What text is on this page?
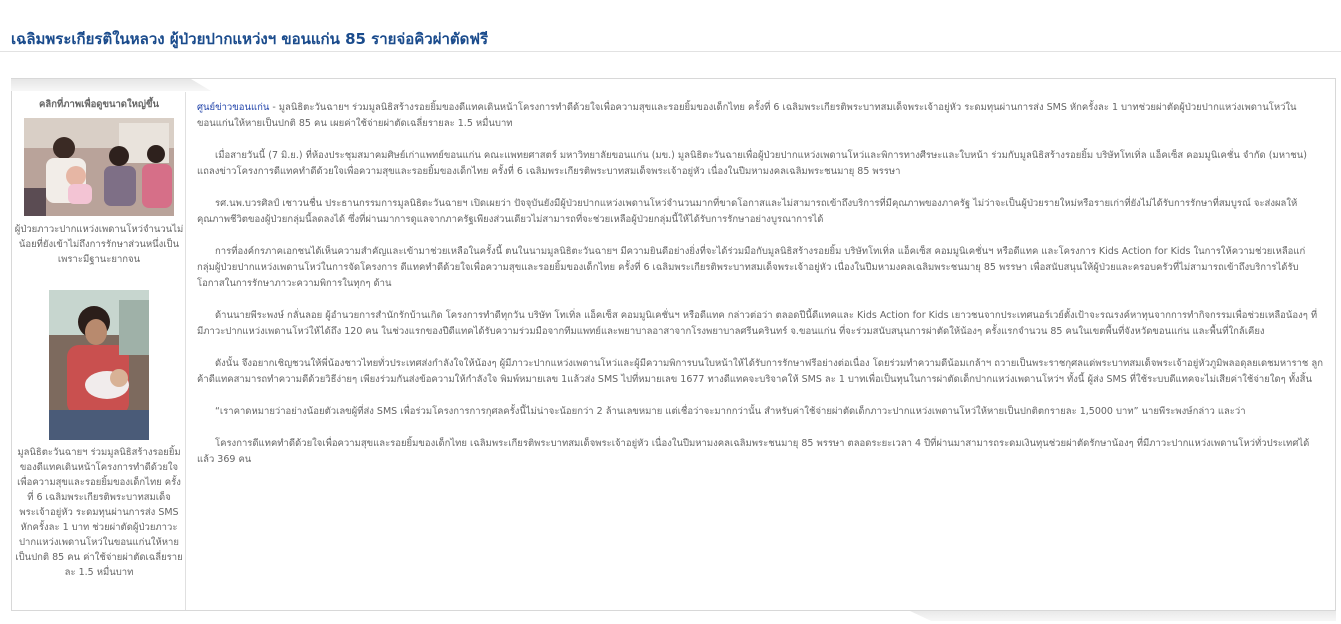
เฉลิมพระเกียรติในหลวง ผู้ป่วยปากแหว่งฯ ขอนแก่น 85 รายจ่อคิวผ่าตัดฟรี
คลิกที่ภาพเพื่อดูขนาดใหญ่ขึ้น
ผู้ป่วยภาวะปากแหว่งเพดานโหว่จำนวนไม่น้อยที่ยังเข้าไม่ถึงการรักษาส่วนหนึ่งเป็นเพราะมีฐานะยากจน
มูลนิธิตะวันฉายฯ ร่วมมูลนิธิสร้างรอยยิ้มของดีแทคเดินหน้าโครงการทำดีด้วยใจเพื่อความสุขและรอยยิ้มของเด็กไทย ครั้งที่ 6 เฉลิมพระเกียรติพระบาทสมเด็จพระเจ้าอยู่หัว ระดมทุนผ่านการส่ง SMS หักครั้งละ 1 บาท ช่วยผ่าตัดผู้ป่วยภาวะปากแหว่งเพดานโหว่ในขอนแก่นให้หายเป็นปกติ 85 คน ค่าใช้จ่ายผ่าตัดเฉลี่ยรายละ 1.5 หมื่นบาท

ศูนย์ข่าวขอนแก่น - มูลนิธิตะวันฉายฯ ร่วมมูลนิธิสร้างรอยยิ้มของดีแทคเดินหน้าโครงการทำดีด้วยใจเพื่อความสุขและรอยยิ้มของเด็กไทย ครั้งที่ 6 เฉลิมพระเกียรติพระบาทสมเด็จพระเจ้าอยู่หัว ระดมทุนผ่านการส่ง SMS หักครั้งละ 1 บาทช่วยผ่าตัดผู้ป่วยปากแหว่งเพดานโหว่ในขอนแก่นให้หายเป็นปกติ 85 คน เผยค่าใช้จ่ายผ่าตัดเฉลี่ยรายละ 1.5 หมื่นบาท

เมื่อสายวันนี้ (7 มิ.ย.) ที่ห้องประชุมสมาคมศิษย์เก่าแพทย์ขอนแก่น คณะแพทยศาสตร์ มหาวิทยาลัยขอนแก่น (มข.) มูลนิธิตะวันฉายเพื่อผู้ป่วยปากแหว่งเพดานโหว่และพิการทางศีรษะและใบหน้า ร่วมกับมูลนิธิสร้างรอยยิ้ม บริษัทโทเทิ่ล แอ็คเซ็ส คอมมูนิเคชั่น จำกัด (มหาชน) แถลงข่าวโครงการดีแทคทำดีด้วยใจเพื่อความสุขและรอยยิ้มของเด็กไทย ครั้งที่ 6 เฉลิมพระเกียรติพระบาทสมเด็จพระเจ้าอยู่หัว เนื่องในปีมหามงคลเฉลิมพระชนมายุ 85 พรรษา

รศ.นพ.บวรศิลป์ เชาวนชื่น ประธานกรรมการมูลนิธิตะวันฉายฯ เปิดเผยว่า ปัจจุบันยังมีผู้ป่วยปากแหว่งเพดานโหว่จำนวนมากที่ขาดโอกาสและไม่สามารถเข้าถึงบริการที่มีคุณภาพของภาครัฐ ไม่ว่าจะเป็นผู้ป่วยรายใหม่หรือรายเก่าที่ยังไม่ได้รับการรักษาที่สมบูรณ์ จะส่งผลให้คุณภาพชีวิตของผู้ป่วยกลุ่มนี้ลดลงได้ ซึ่งที่ผ่านมาการดูแลจากภาครัฐเพียงส่วนเดียวไม่สามารถที่จะช่วยเหลือผู้ป่วยกลุ่มนี้ให้ได้รับการรักษาอย่างบูรณาการได้

การที่องค์กรภาคเอกชนได้เห็นความสำคัญและเข้ามาช่วยเหลือในครั้งนี้ ตนในนามมูลนิธิตะวันฉายฯ มีความยินดีอย่างยิ่งที่จะได้ร่วมมือกับมูลนิธิสร้างรอยยิ้ม บริษัทโทเทิ่ล แอ็คเซ็ส คอมมูนิเคชั่นฯ หรือดีแทค และโครงการ Kids Action for Kids ในการให้ความช่วยเหลือแก่กลุ่มผู้ป่วยปากแหว่งเพดานโหว่ในการจัดโครงการ ดีแทคทำดีด้วยใจเพื่อความสุขและรอยยิ้มของเด็กไทย ครั้งที่ 6 เฉลิมพระเกียรติพระบาทสมเด็จพระเจ้าอยู่หัว เนื่องในปีมหามงคลเฉลิมพระชนมายุ 85 พรรษา เพื่อสนับสนุนให้ผู้ป่วยและครอบครัวที่ไม่สามารถเข้าถึงบริการได้รับโอกาสในการรักษาภาวะความพิการในทุกๆ ด้าน

ด้านนายพีระพงษ์ กลั่นลอย ผู้อำนวยการสำนักรักบ้านเกิด โครงการทำดีทุกวัน บริษัท โทเทิ่ล แอ็คเซ็ส คอมมูนิเคชั่นฯ หรือดีแทค กล่าวต่อว่า ตลอดปีนี้ดีแทคและ Kids Action for Kids เยาวชนจากประเทศนอร์เวย์ตั้งเป้าจะรณรงค์หาทุนจากการทำกิจกรรมเพื่อช่วยเหลือน้องๆ ที่มีภาวะปากแหว่งเพดานโหว่ให้ได้ถึง 120 คน ในช่วงแรกของปีดีแทคได้รับความร่วมมือจากทีมแพทย์และพยาบาลอาสาจากโรงพยาบาลศรีนครินทร์ จ.ขอนแก่น ที่จะร่วมสนับสนุนการผ่าตัดให้น้องๆ ครั้งแรกจำนวน 85 คนในเขตพื้นที่จังหวัดขอนแก่น และพื้นที่ใกล้เคียง

ดังนั้น จึงอยากเชิญชวนให้พี่น้องชาวไทยทั่วประเทศส่งกำลังใจให้น้องๆ ผู้มีภาวะปากแหว่งเพดานโหว่และผู้มีความพิการบนใบหน้าให้ได้รับการรักษาฟรีอย่างต่อเนื่อง โดยร่วมทำความดีน้อมเกล้าฯ ถวายเป็นพระราชกุศลแด่พระบาทสมเด็จพระเจ้าอยู่หัวภูมิพลอดุลยเดชมหาราช ลูกค้าดีแทคสามารถทำความดีด้วยวิธีง่ายๆ เพียงร่วมกันส่งข้อความให้กำลังใจ พิมพ์หมายเลข 1แล้วส่ง SMS ไปที่หมายเลข 1677 ทางดีแทคจะบริจาคให้ SMS ละ 1 บาทเพื่อเป็นทุนในการผ่าตัดเด็กปากแหว่งเพดานโหว่ฯ ทั้งนี้ ผู้ส่ง SMS ที่ใช้ระบบดีแทคจะไม่เสียค่าใช้จ่ายใดๆ ทั้งสิ้น

“เราคาดหมายว่าอย่างน้อยตัวเลขผู้ที่ส่ง SMS เพื่อร่วมโครงการการกุศลครั้งนี้ไม่น่าจะน้อยกว่า 2 ล้านเลขหมาย แต่เชื่อว่าจะมากกว่านั้น สำหรับค่าใช้จ่ายผ่าตัดเด็กภาวะปากแหว่งเพดานโหว่ให้หายเป็นปกติตกรายละ 1,5000 บาท” นายพีระพงษ์กล่าว และว่า

โครงการดีแทคทำดีด้วยใจเพื่อความสุขและรอยยิ้มของเด็กไทย เฉลิมพระเกียรติพระบาทสมเด็จพระเจ้าอยู่หัว เนื่องในปีมหามงคลเฉลิมพระชนมายุ 85 พรรษา ตลอดระยะเวลา 4 ปีที่ผ่านมาสามารถระดมเงินทุนช่วยผ่าตัดรักษาน้องๆ ที่มีภาวะปากแหว่งเพดานโหว่ทั่วประเทศได้แล้ว 369 คน
